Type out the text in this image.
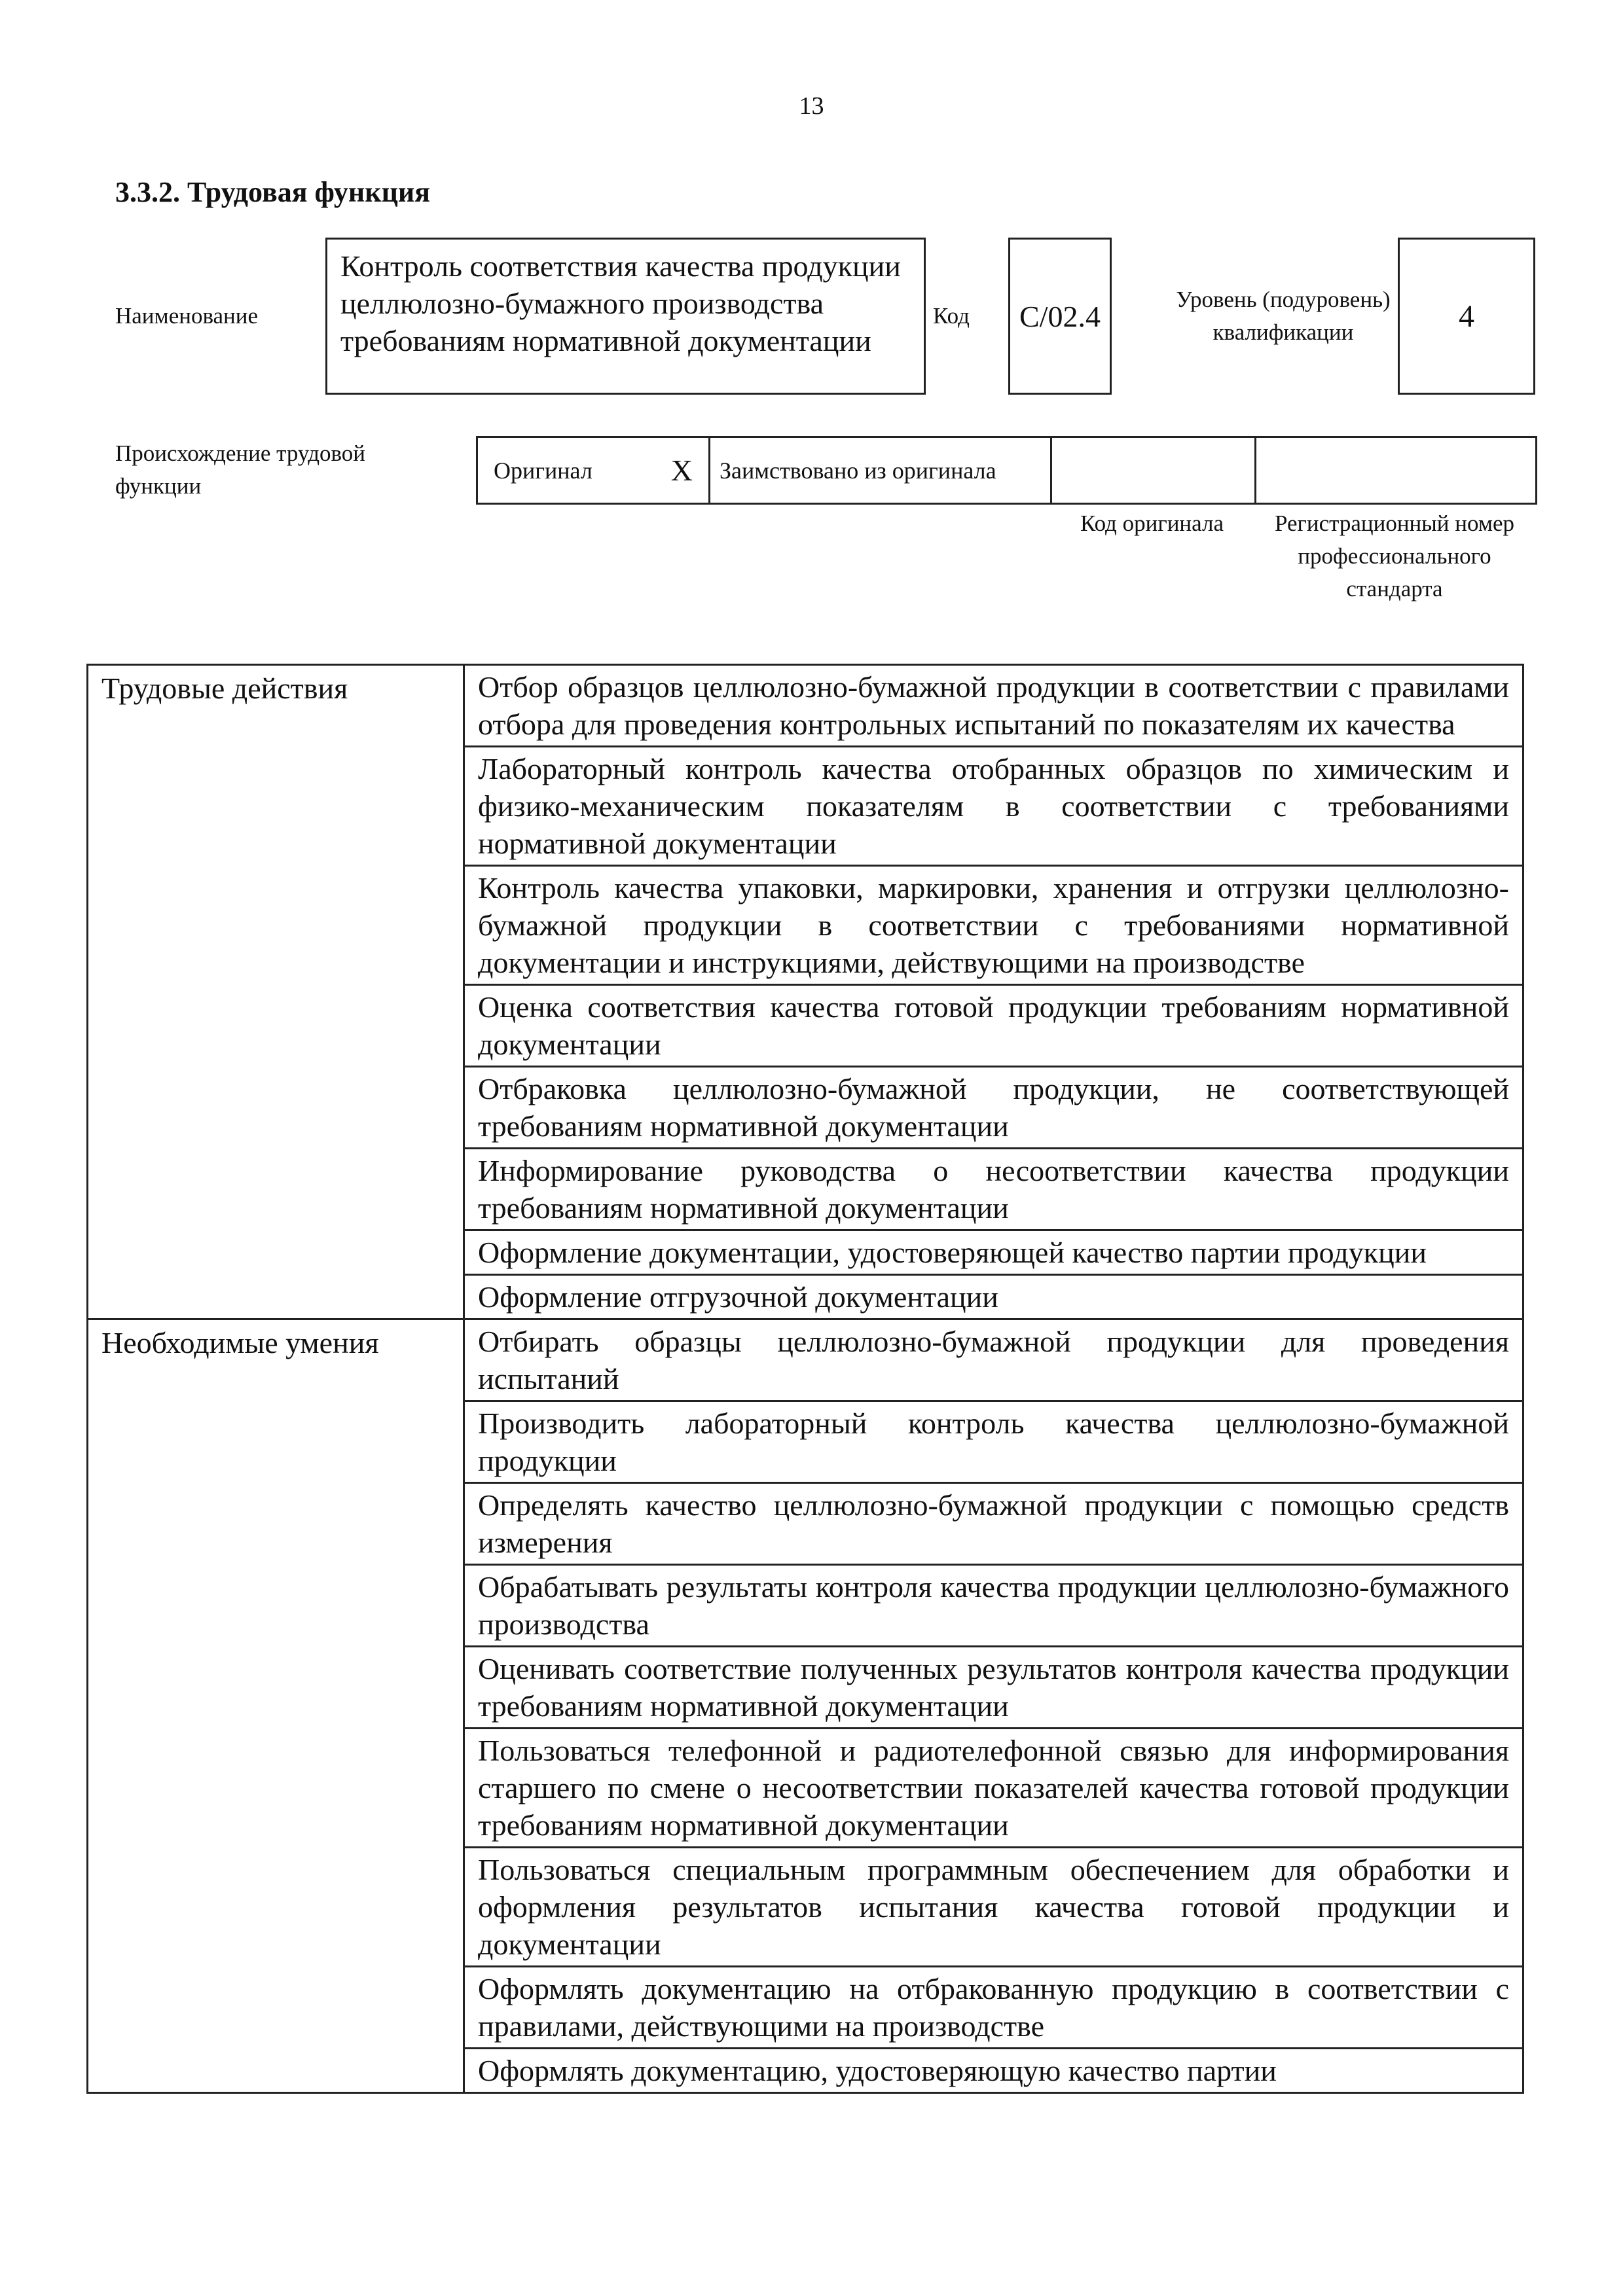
13
3.3.2. Трудовая функция
Наименование
Контроль соответствия качества продукции целлюлозно-бумажного производства требованиям нормативной документации
Код C/02.4	Уровень (подуровень) квалификации	4
Происхождение трудовой функции
Оригинал	X	Заимствовано из оригинала		
Код оригинала	Регистрационный номер профессионального стандарта
Трудовые действия	Отбор образцов целлюлозно-бумажной продукции в соответствии с правилами отбора для проведения контрольных испытаний по показателям их качества
	Лабораторный контроль качества отобранных образцов по химическим и физико-механическим показателям в соответствии с требованиями нормативной документации
	Контроль качества упаковки, маркировки, хранения и отгрузки целлюлозно-бумажной продукции в соответствии с требованиями нормативной документации и инструкциями, действующими на производстве
	Оценка соответствия качества готовой продукции требованиям нормативной документации
	Отбраковка целлюлозно-бумажной продукции, не соответствующей требованиям нормативной документации
	Информирование руководства о несоответствии качества продукции требованиям нормативной документации
	Оформление документации, удостоверяющей качество партии продукции
	Оформление отгрузочной документации
Необходимые умения	Отбирать образцы целлюлозно-бумажной продукции для проведения испытаний
	Производить лабораторный контроль качества целлюлозно-бумажной продукции
	Определять качество целлюлозно-бумажной продукции с помощью средств измерения
	Обрабатывать результаты контроля качества продукции целлюлозно-бумажного производства
	Оценивать соответствие полученных результатов контроля качества продукции требованиям нормативной документации
	Пользоваться телефонной и радиотелефонной связью для информирования старшего по смене о несоответствии показателей качества готовой продукции требованиям нормативной документации
	Пользоваться специальным программным обеспечением для обработки и оформления результатов испытания качества готовой продукции и документации
	Оформлять документацию на отбракованную продукцию в соответствии с правилами, действующими на производстве
	Оформлять документацию, удостоверяющую качество партии
